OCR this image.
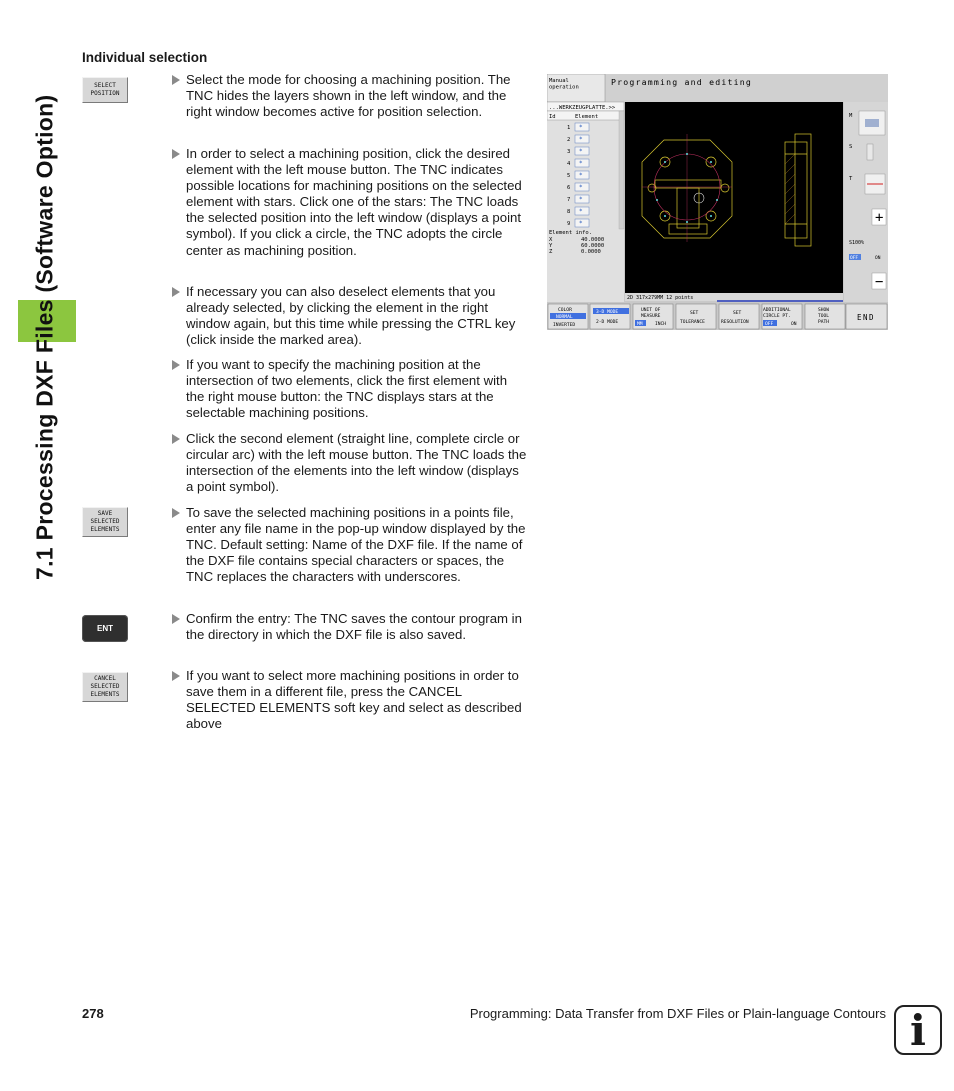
7.1 Processing DXF Files (Software Option)
Individual selection
SELECT
POSITION
SAVE
SELECTED
ELEMENTS
ENT
CANCEL
SELECTED
ELEMENTS
Select the mode for choosing a machining position. The TNC hides the layers shown in the left window, and the right window becomes active for position selection.
In order to select a machining position, click the desired element with the left mouse button. The TNC indicates possible locations for machining positions on the selected element with stars. Click one of the stars: The TNC loads the selected position into the left window (displays a point symbol). If you click a circle, the TNC adopts the circle center as machining position.
If necessary you can also deselect elements that you already selected, by clicking the element in the right window again, but this time while pressing the CTRL key (click inside the marked area).
If you want to specify the machining position at the intersection of two elements, click the first element with the right mouse button: the TNC displays stars at the selectable machining positions.
Click the second element (straight line, complete circle or circular arc) with the left mouse button. The TNC loads the intersection of the elements into the left window (displays a point symbol).
To save the selected machining positions in a points file, enter any file name in the pop-up window displayed by the TNC. Default setting: Name of the DXF file. If the name of the DXF file contains special characters or spaces, the TNC replaces the characters with underscores.
Confirm the entry: The TNC saves the contour program in the directory in which the DXF file is also saved.
If you want to select more machining positions in order to save them in a different file, press the CANCEL SELECTED ELEMENTS soft key and select as described above
Manual operation
Programming and editing
...WERKZEUGPLATTE.>>
Id	Element
1 *
2 *
3 *
4 *
5 *
6 *
7 *
8 *
9 *
Element info.
X	40.0000
Y	60.0000
Z	0.0000
2D 317x279MM 12 points
M
S
T
+
S100%
OFF	ON
−
COLOR
NORMAL
INVERTED
3-D MODE
2-D MODE
UNIT OF
MEASURE
MM	INCH
SET
TOLERANCE
SET
RESOLUTION
ADDITIONAL
CIRCLE PT.
OFF	ON
SHOW
TOOL
PATH
END
278	Programming: Data Transfer from DXF Files or Plain-language Contours i
